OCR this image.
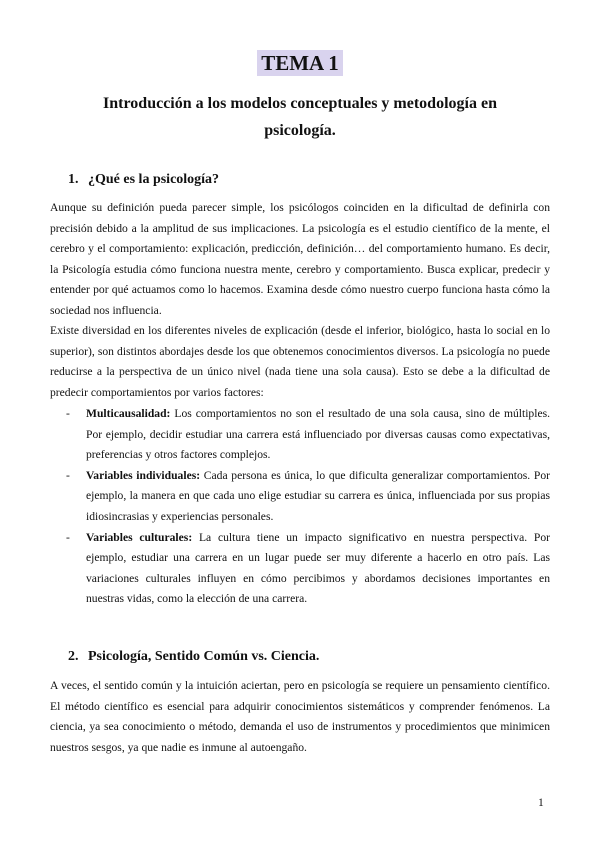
TEMA 1
Introducción a los modelos conceptuales y metodología en psicología.
1. ¿Qué es la psicología?

Aunque su definición pueda parecer simple, los psicólogos coinciden en la dificultad de definirla con precisión debido a la amplitud de sus implicaciones. La psicología es el estudio científico de la mente, el cerebro y el comportamiento: explicación, predicción, definición… del comportamiento humano. Es decir, la Psicología estudia cómo funciona nuestra mente, cerebro y comportamiento. Busca explicar, predecir y entender por qué actuamos como lo hacemos. Examina desde cómo nuestro cuerpo funciona hasta cómo la sociedad nos influencia.

Existe diversidad en los diferentes niveles de explicación (desde el inferior, biológico, hasta lo social en lo superior), son distintos abordajes desde los que obtenemos conocimientos diversos. La psicología no puede reducirse a la perspectiva de un único nivel (nada tiene una sola causa). Esto se debe a la dificultad de predecir comportamientos por varios factores:

- Multicausalidad: Los comportamientos no son el resultado de una sola causa, sino de múltiples. Por ejemplo, decidir estudiar una carrera está influenciado por diversas causas como expectativas, preferencias y otros factores complejos.
- Variables individuales: Cada persona es única, lo que dificulta generalizar comportamientos. Por ejemplo, la manera en que cada uno elige estudiar su carrera es única, influenciada por sus propias idiosincrasias y experiencias personales.
- Variables culturales: La cultura tiene un impacto significativo en nuestra perspectiva. Por ejemplo, estudiar una carrera en un lugar puede ser muy diferente a hacerlo en otro país. Las variaciones culturales influyen en cómo percibimos y abordamos decisiones importantes en nuestras vidas, como la elección de una carrera.
2. Psicología, Sentido Común vs. Ciencia.

A veces, el sentido común y la intuición aciertan, pero en psicología se requiere un pensamiento científico. El método científico es esencial para adquirir conocimientos sistemáticos y comprender fenómenos. La ciencia, ya sea conocimiento o método, demanda el uso de instrumentos y procedimientos que minimicen nuestros sesgos, ya que nadie es inmune al autoengaño.

1
